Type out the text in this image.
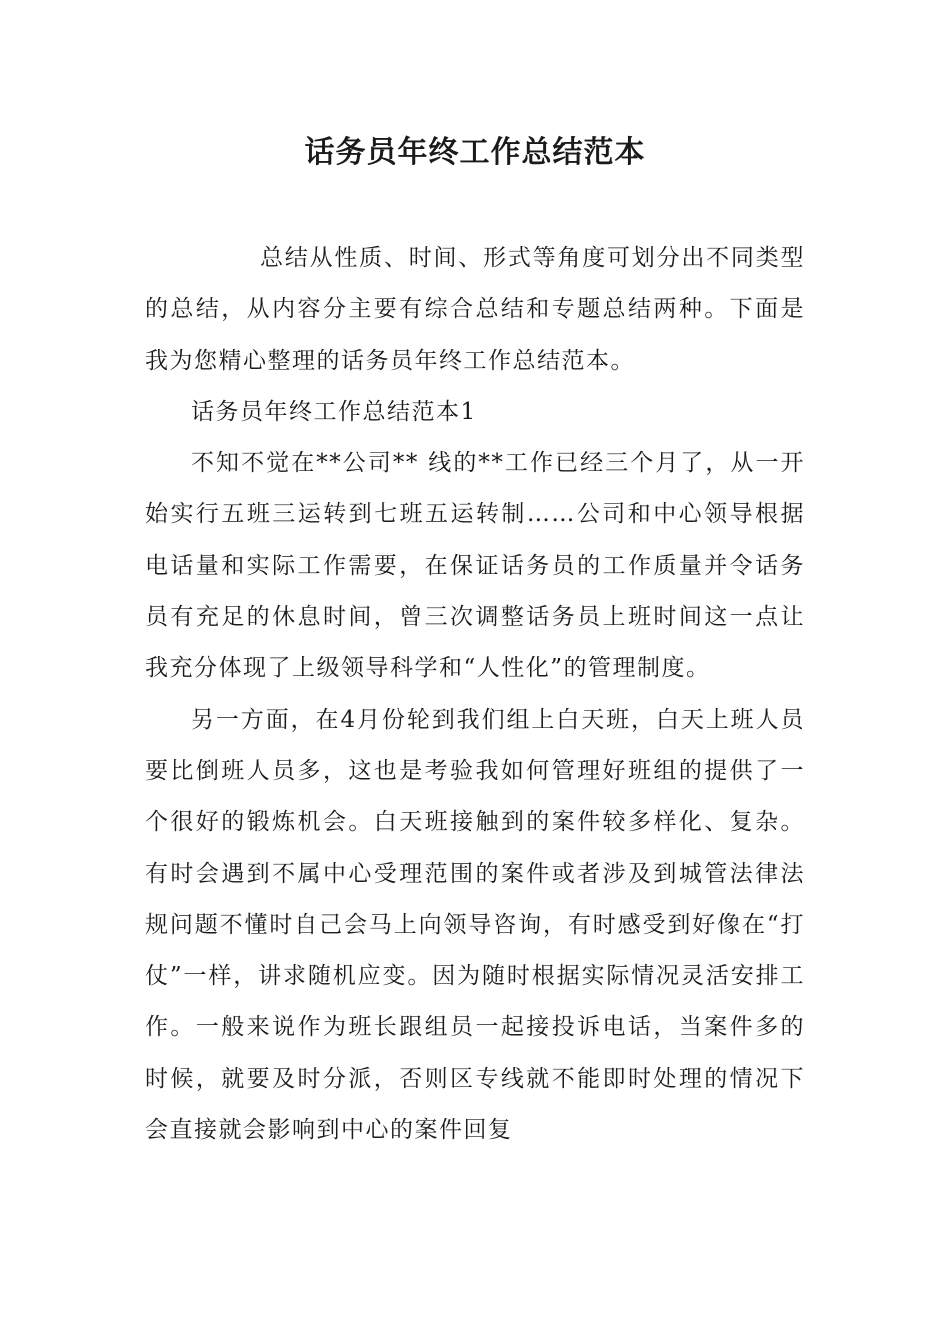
话务员年终工作总结范本

总结从性质、时间、形式等角度可划分出不同类型的总结，从内容分主要有综合总结和专题总结两种。下面是我为您精心整理的话务员年终工作总结范本。

话务员年终工作总结范本1

不知不觉在**公司** 线的**工作已经三个月了，从一开始实行五班三运转到七班五运转制……公司和中心领导根据电话量和实际工作需要，在保证话务员的工作质量并令话务员有充足的休息时间，曾三次调整话务员上班时间这一点让我充分体现了上级领导科学和“人性化”的管理制度。

另一方面，在4月份轮到我们组上白天班，白天上班人员要比倒班人员多，这也是考验我如何管理好班组的提供了一个很好的锻炼机会。白天班接触到的案件较多样化、复杂。有时会遇到不属中心受理范围的案件或者涉及到城管法律法规问题不懂时自己会马上向领导咨询，有时感受到好像在“打仗”一样，讲求随机应变。因为随时根据实际情况灵活安排工作。一般来说作为班长跟组员一起接投诉电话，当案件多的时候，就要及时分派，否则区专线就不能即时处理的情况下会直接就会影响到中心的案件回复
